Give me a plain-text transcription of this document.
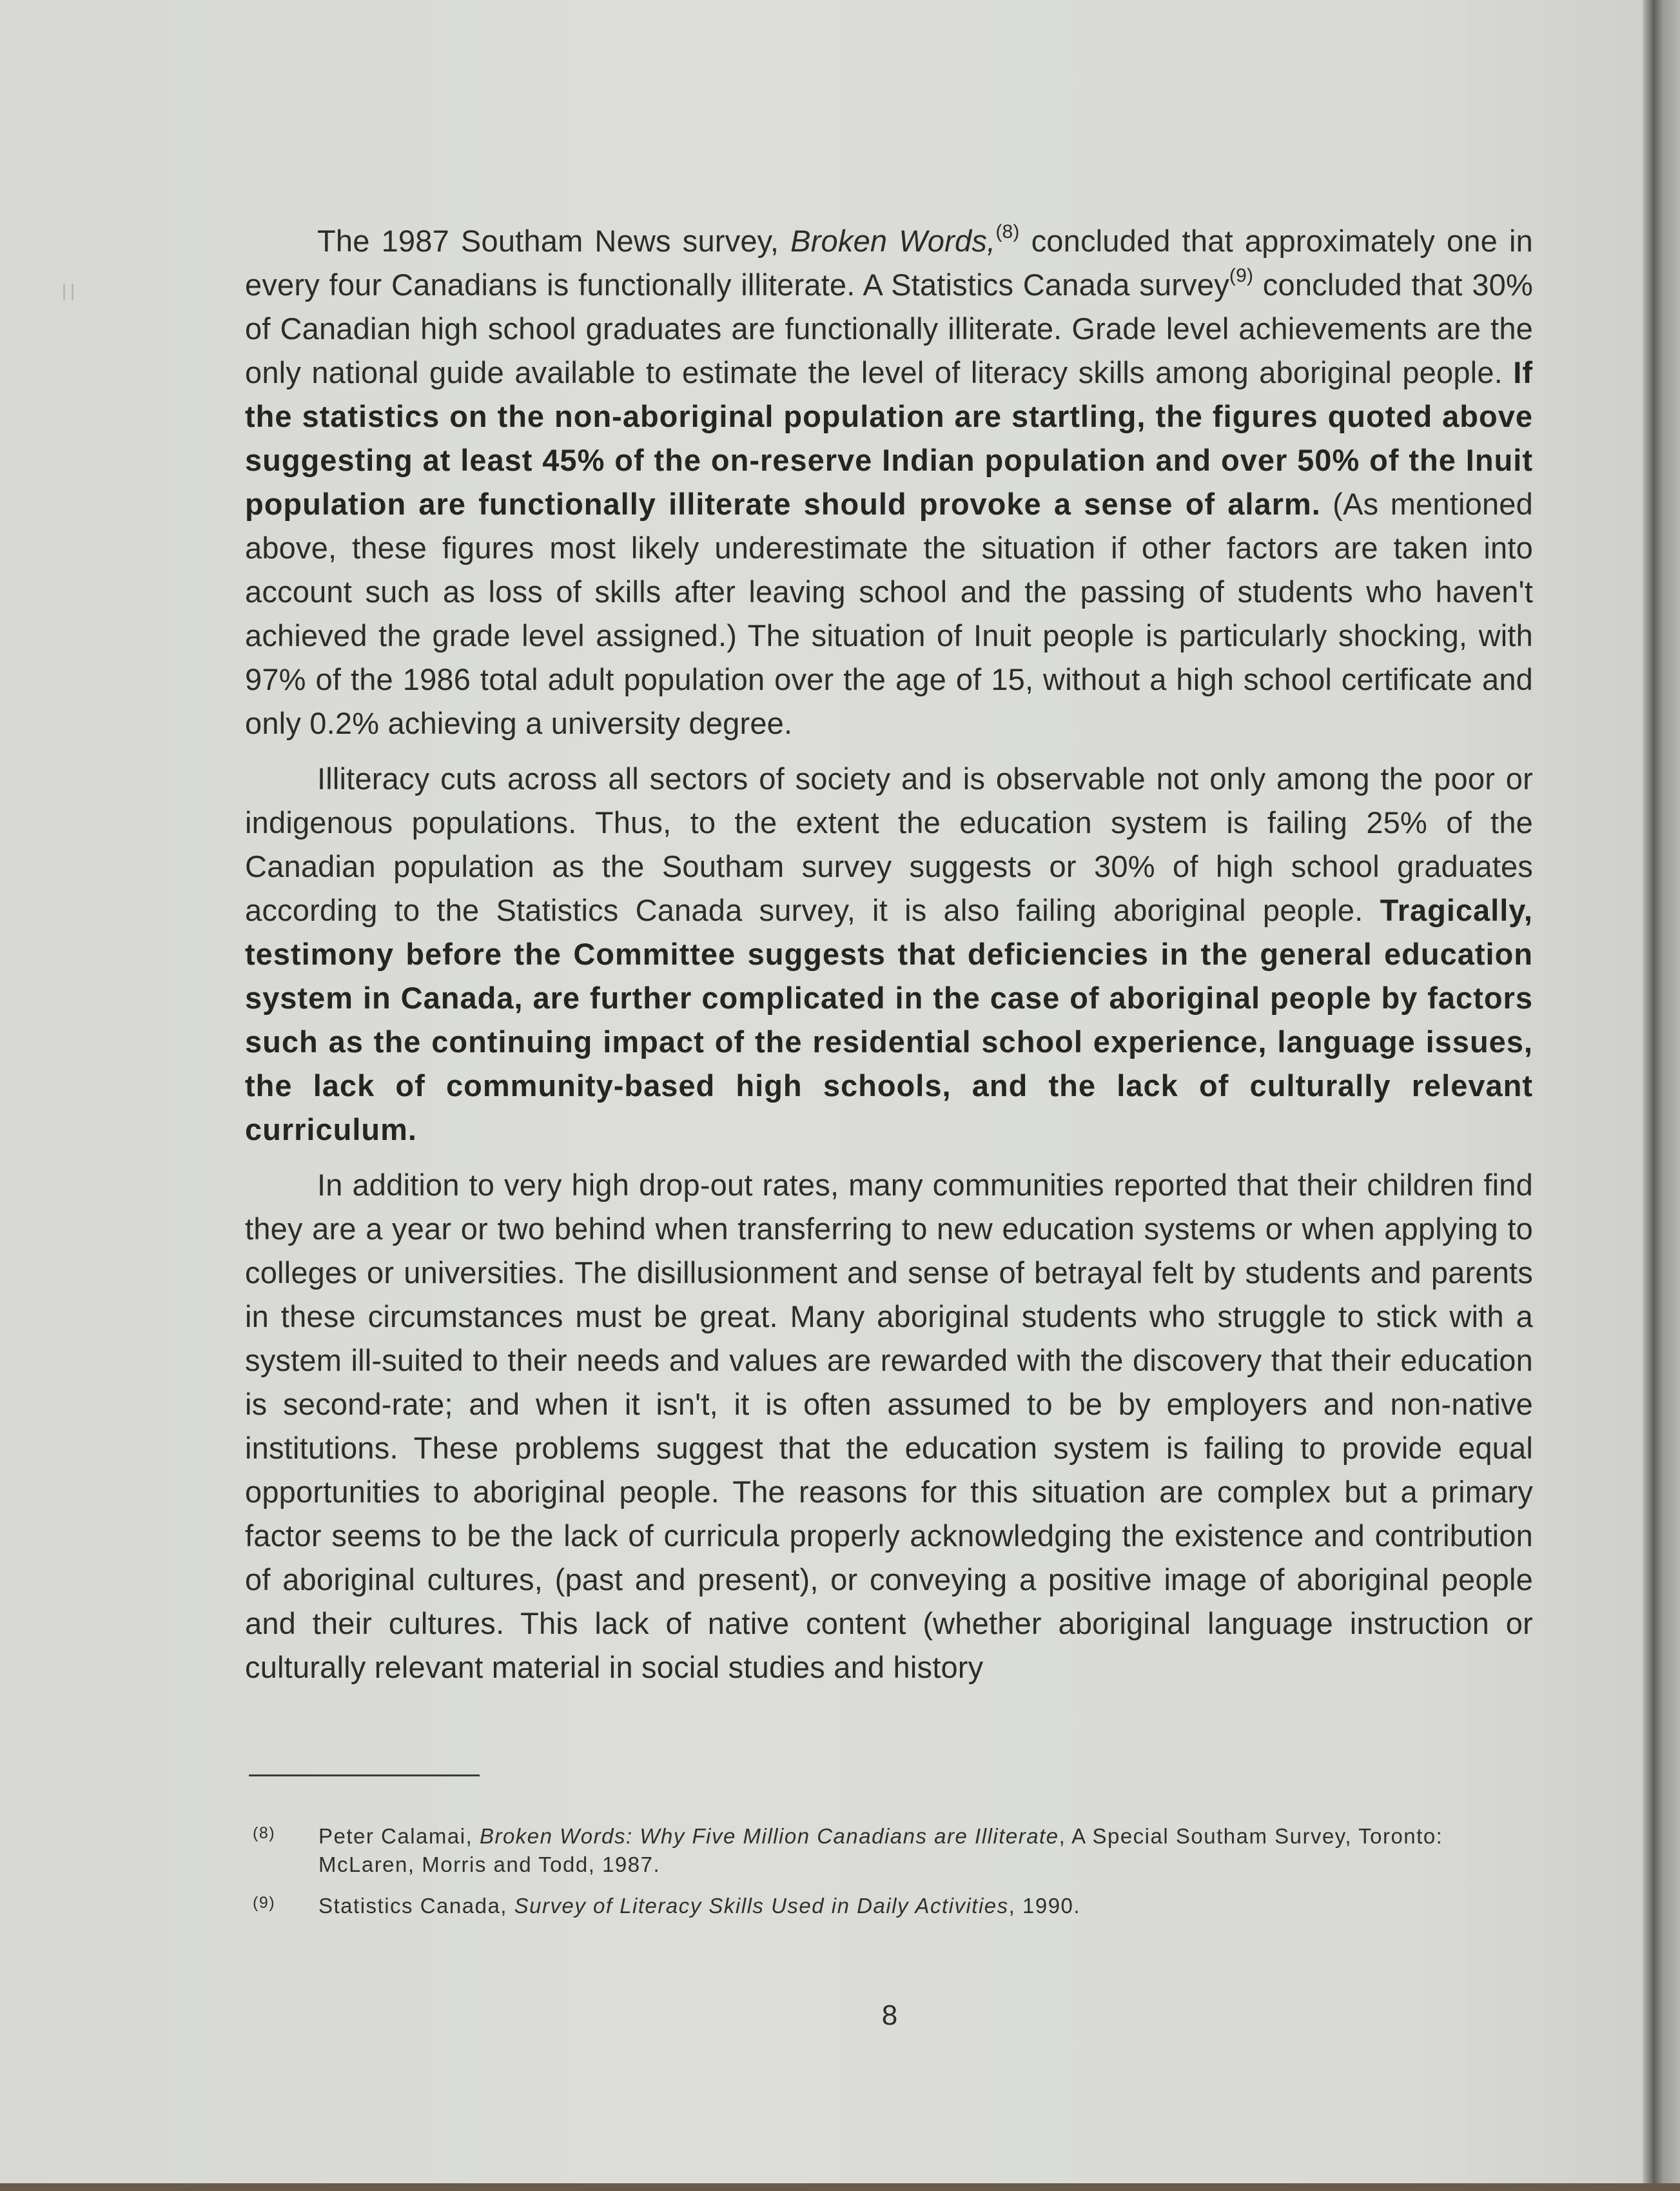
The 1987 Southam News survey, Broken Words,$^{(8)}$ concluded that approximately one in every four Canadians is functionally illiterate. A Statistics Canada survey$^{(9)}$ concluded that 30% of Canadian high school graduates are functionally illiterate. Grade level achievements are the only national guide available to estimate the level of literacy skills among aboriginal people. If the statistics on the non-aboriginal population are startling, the figures quoted above suggesting at least 45% of the on-reserve Indian population and over 50% of the Inuit population are functionally illiterate should provoke a sense of alarm. (As mentioned above, these figures most likely underestimate the situation if other factors are taken into account such as loss of skills after leaving school and the passing of students who haven't achieved the grade level assigned.) The situation of Inuit people is particularly shocking, with 97% of the 1986 total adult population over the age of 15, without a high school certificate and only 0.2% achieving a university degree.

Illiteracy cuts across all sectors of society and is observable not only among the poor or indigenous populations. Thus, to the extent the education system is failing 25% of the Canadian population as the Southam survey suggests or 30% of high school graduates according to the Statistics Canada survey, it is also failing aboriginal people. Tragically, testimony before the Committee suggests that deficiencies in the general education system in Canada, are further complicated in the case of aboriginal people by factors such as the continuing impact of the residential school experience, language issues, the lack of community-based high schools, and the lack of culturally relevant curriculum.

In addition to very high drop-out rates, many communities reported that their children find they are a year or two behind when transferring to new education systems or when applying to colleges or universities. The disillusionment and sense of betrayal felt by students and parents in these circumstances must be great. Many aboriginal students who struggle to stick with a system ill-suited to their needs and values are rewarded with the discovery that their education is second-rate; and when it isn't, it is often assumed to be by employers and non-native institutions. These problems suggest that the education system is failing to provide equal opportunities to aboriginal people. The reasons for this situation are complex but a primary factor seems to be the lack of curricula properly acknowledging the existence and contribution of aboriginal cultures, (past and present), or conveying a positive image of aboriginal people and their cultures. This lack of native content (whether aboriginal language instruction or culturally relevant material in social studies and history

(8)	Peter Calamai, Broken Words: Why Five Million Canadians are Illiterate, A Special Southam Survey, Toronto: McLaren, Morris and Todd, 1987.
(9)	Statistics Canada, Survey of Literacy Skills Used in Daily Activities, 1990.
8
